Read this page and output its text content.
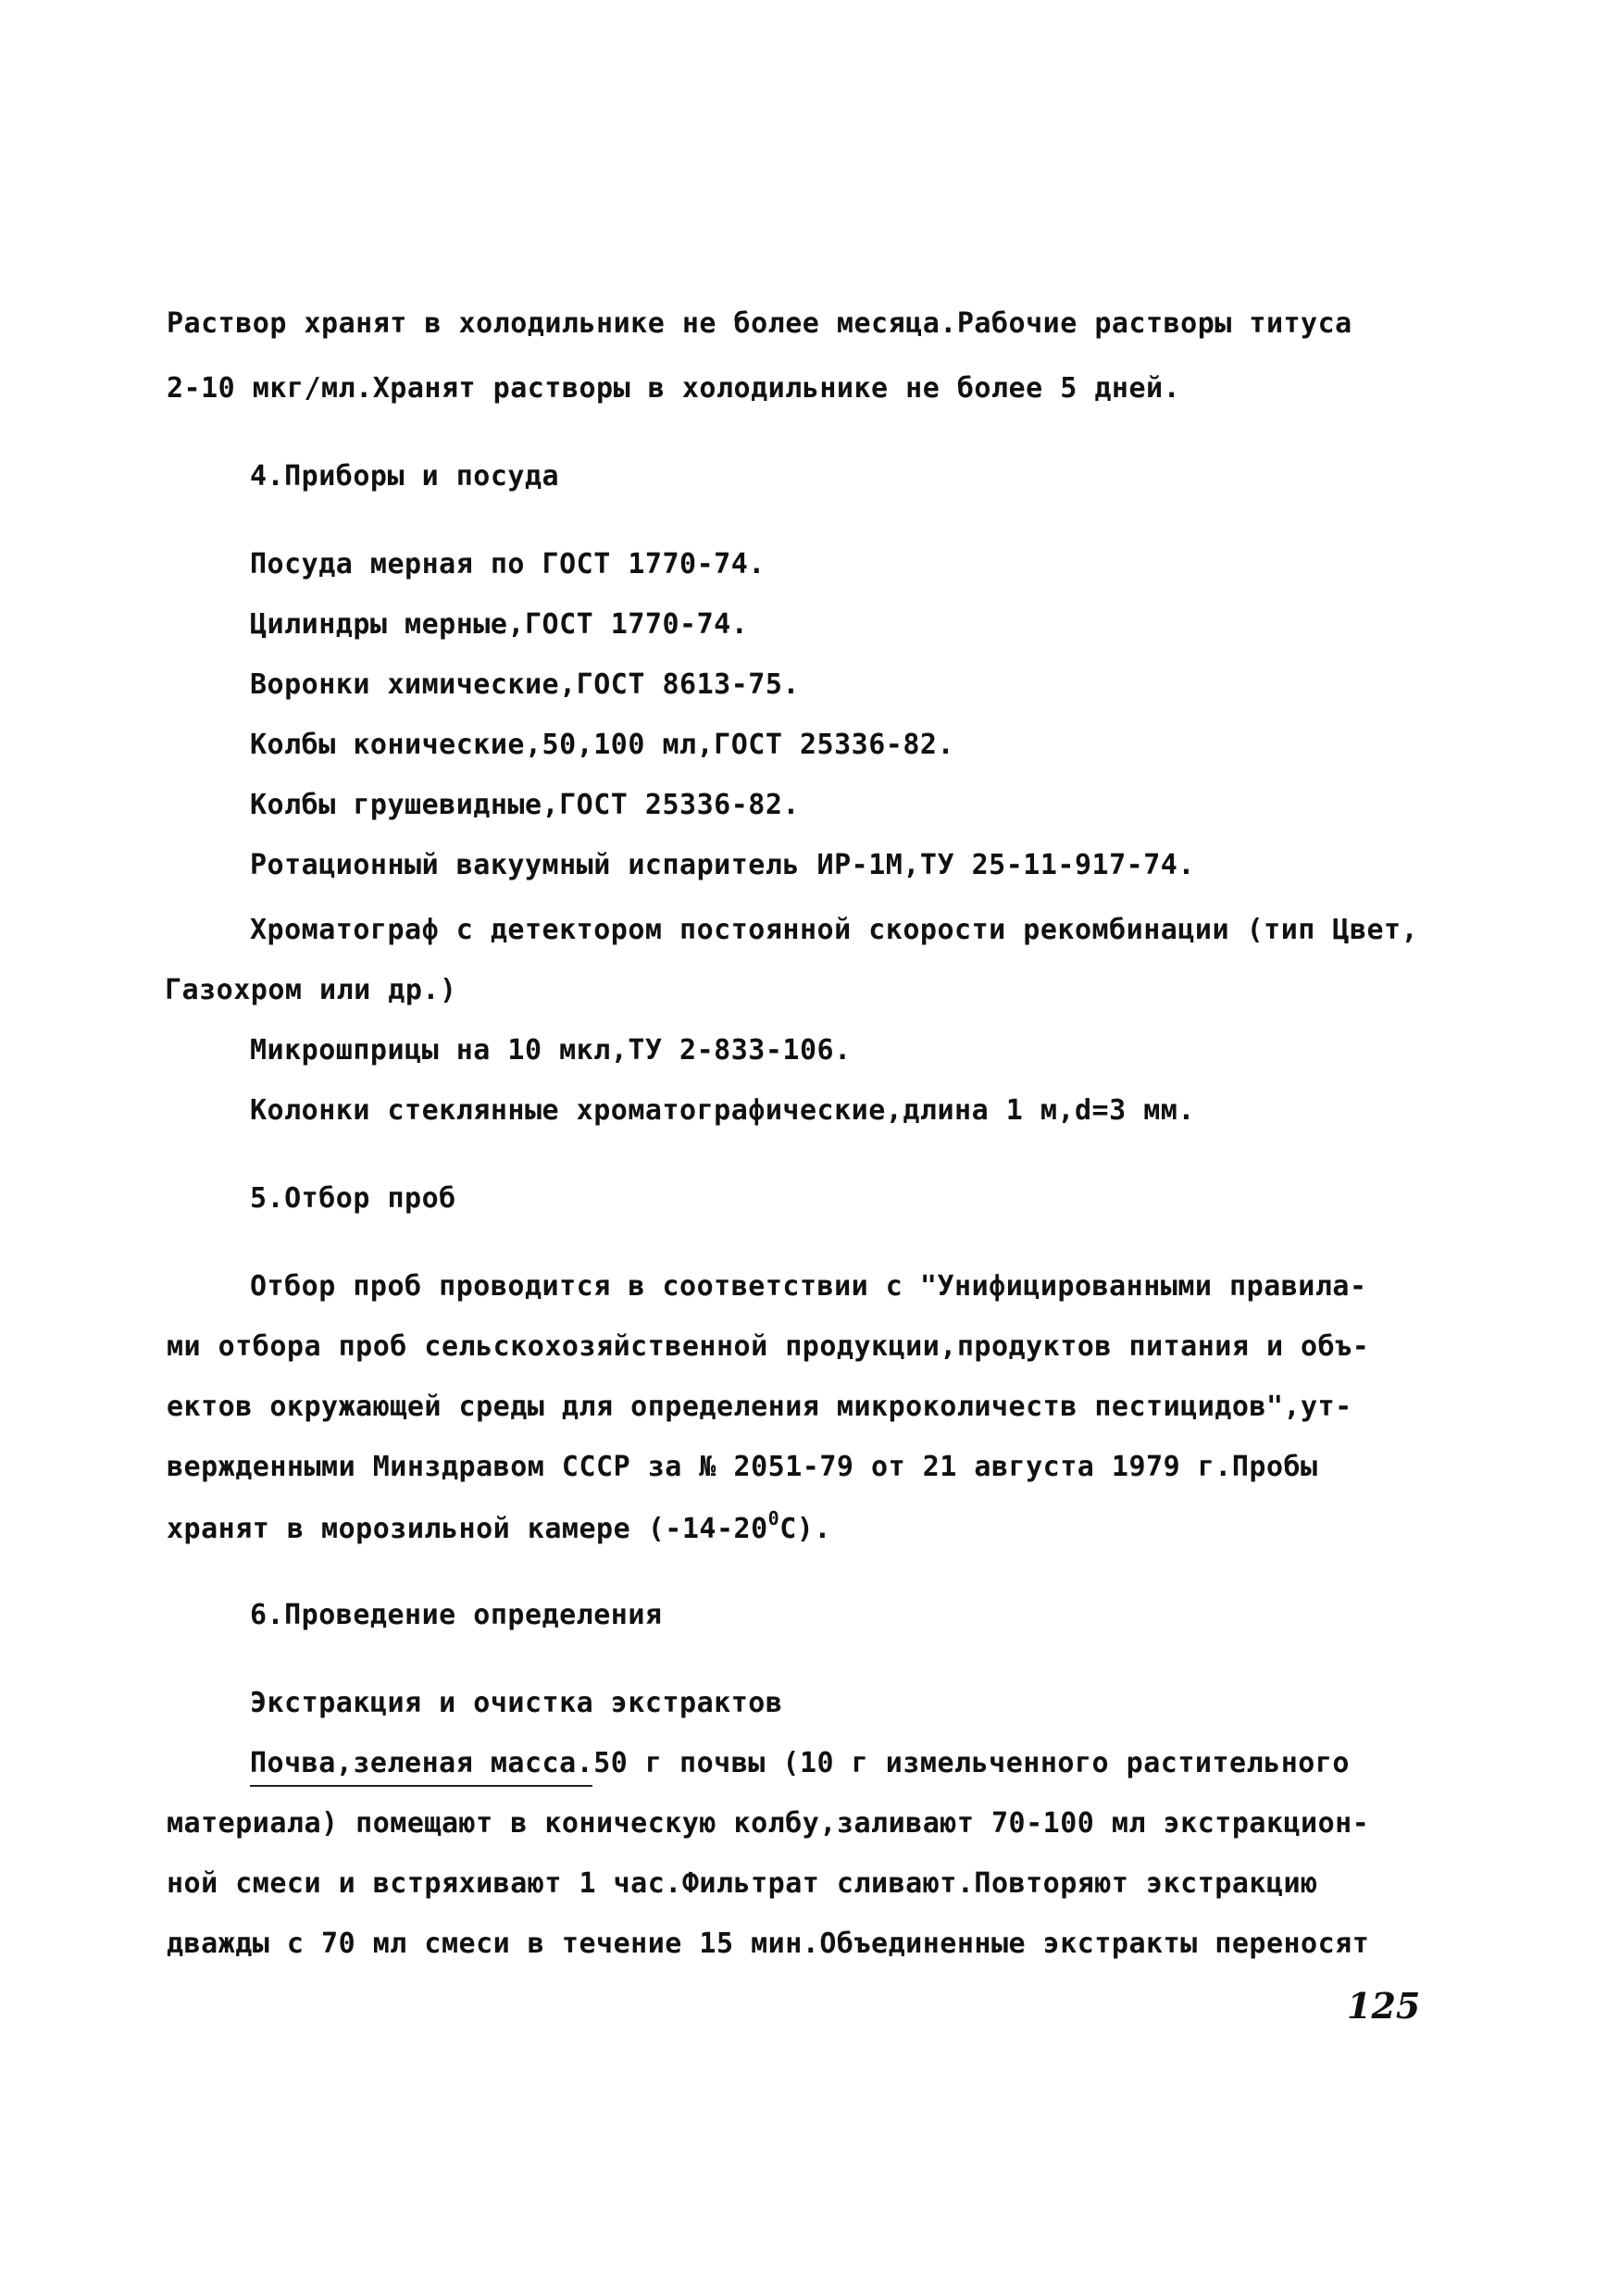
Раствор хранят в холодильнике не более месяца.Рабочие растворы титуса
2-10 мкг/мл.Хранят растворы в холодильнике не более 5 дней.
4.Приборы и посуда
Посуда мерная по ГОСТ 1770-74.
Цилиндры мерные,ГОСТ 1770-74.
Воронки химические,ГОСТ 8613-75.
Колбы конические,50,100 мл,ГОСТ 25336-82.
Колбы грушевидные,ГОСТ 25336-82.
Ротационный вакуумный испаритель ИР-1М,ТУ 25-11-917-74.
Хроматограф с детектором постоянной скорости рекомбинации (тип Цвет,
Газохром или др.)
Микрошприцы на 10 мкл,ТУ 2-833-106.
Колонки стеклянные хроматографические,длина 1 м,d=3 мм.
5.Отбор проб
Отбор проб проводится в соответствии с "Унифицированными правила-
ми отбора проб сельскохозяйственной продукции,продуктов питания и объ-
ектов окружающей среды для определения микроколичеств пестицидов",ут-
вержденными Минздравом СССР за № 2051-79 от 21 августа 1979 г.Пробы
хранят в морозильной камере $(-14-20^0С)$.
6.Проведение определения
Экстракция и очистка экстрактов
Почва,зеленая масса.50 г почвы (10 г измельченного растительного
материала) помещают в коническую колбу,заливают 70-100 мл экстракцион-
ной смеси и встряхивают 1 час.Фильтрат сливают.Повторяют экстракцию
дважды с 70 мл смеси в течение 15 мин.Объединенные экстракты переносят
125
